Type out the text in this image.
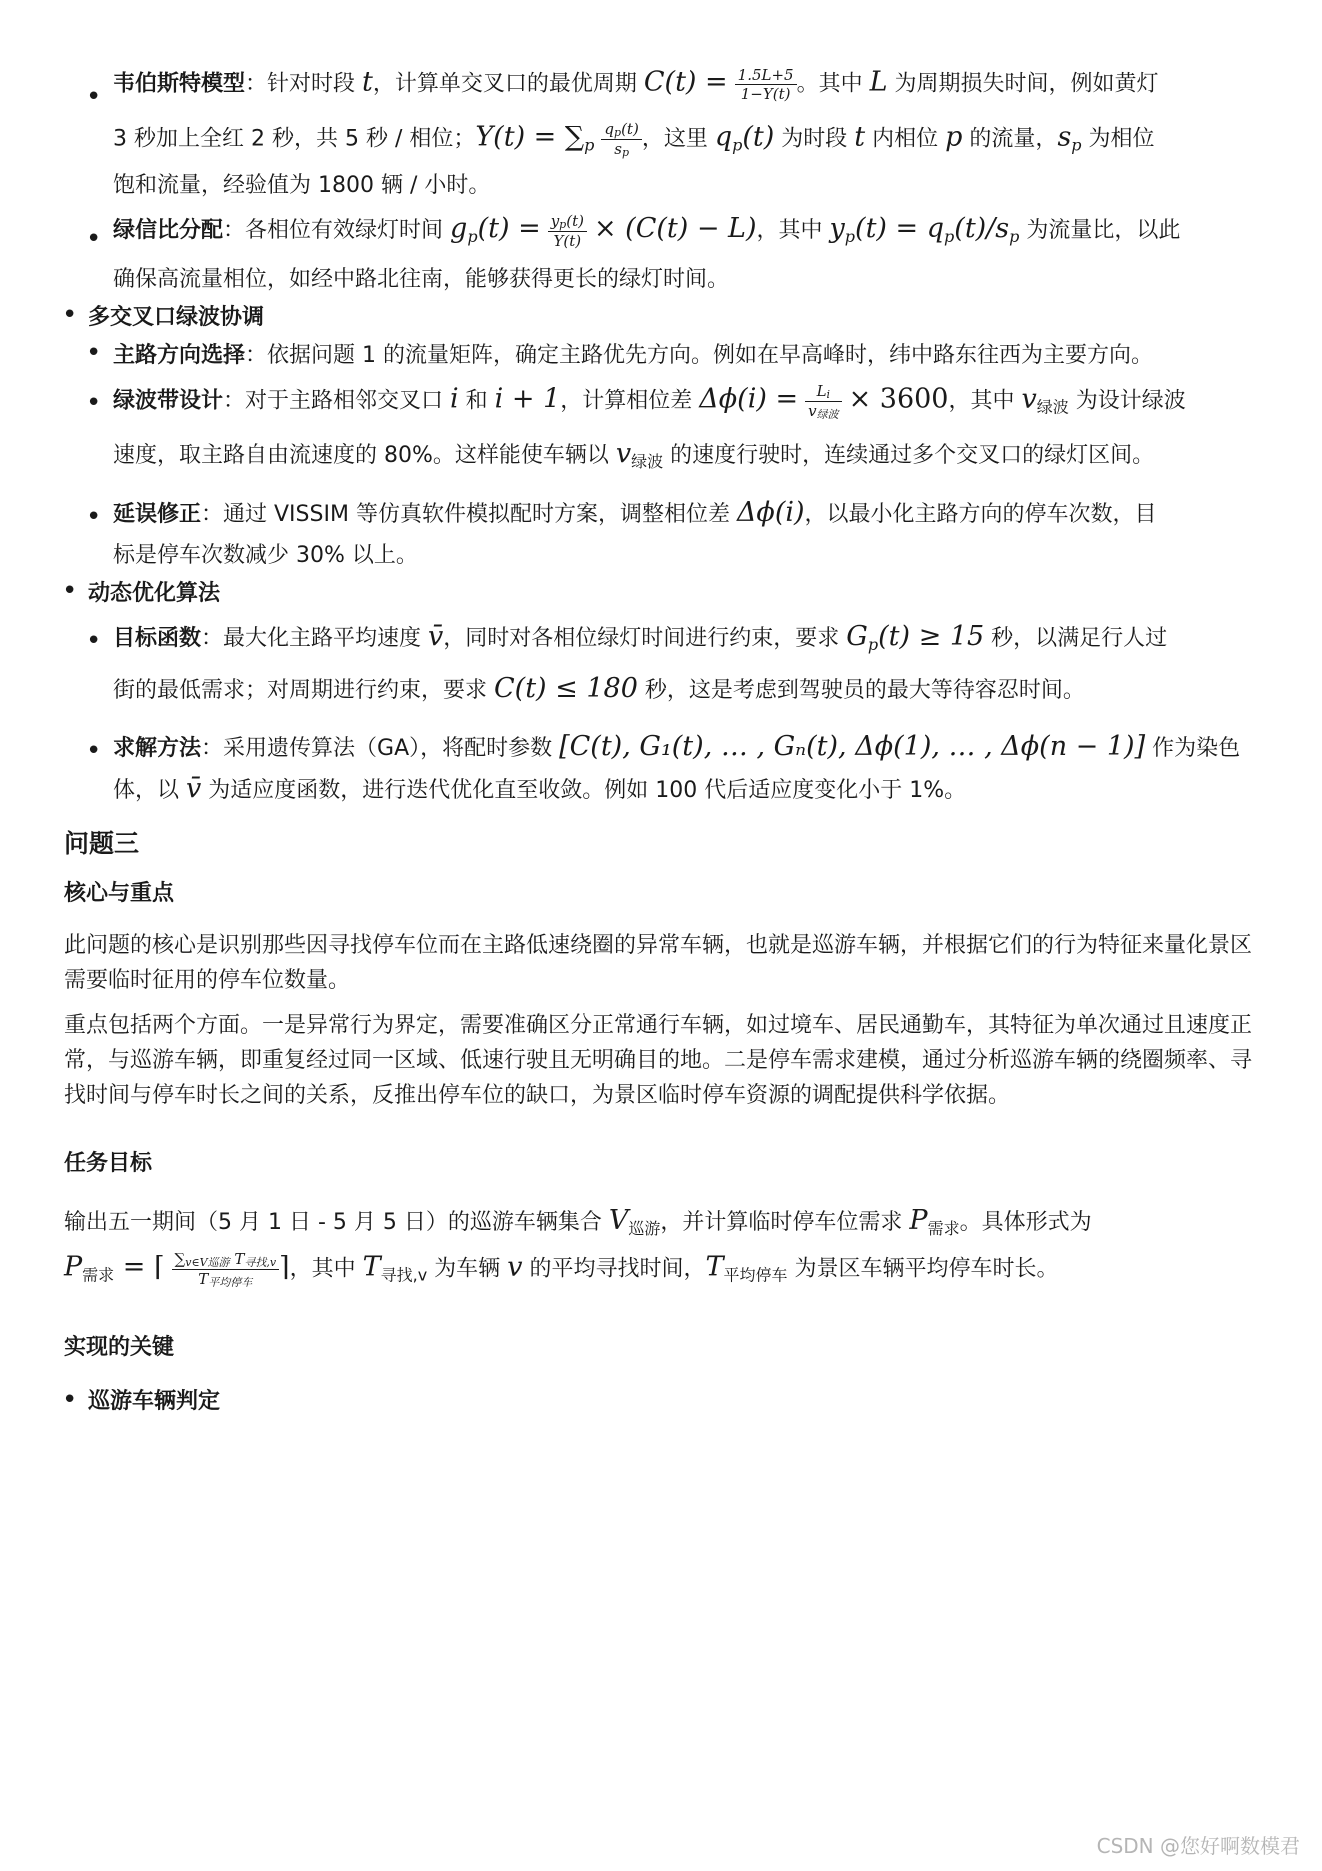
• 韦伯斯特模型：针对时段 t，计算单交叉口的最优周期 $C(t) = \frac{1.5L+5}{1-Y(t)}$ 。其中 L 为周期损失时间，例如黄灯
3 秒加上全红 2 秒，共 5 秒 / 相位；$Y(t) = \sum_p \frac{q_p(t)}{s_p}$ ，这里 $q_p(t)$ 为时段 t 内相位 p 的流量，$s_p$ 为相位
饱和流量，经验值为 1800 辆 / 小时。
• 绿信比分配：各相位有效绿灯时间 $g_p(t) = \frac{y_p(t)}{Y(t)} \times (C(t) - L)$，其中 $y_p(t) = q_p(t)/s_p$ 为流量比，以此
确保高流量相位，如经中路北往南，能够获得更长的绿灯时间。
• 多交叉口绿波协调
• 主路方向选择：依据问题 1 的流量矩阵，确定主路优先方向。例如在早高峰时，纬中路东往西为主要方向。
• 绿波带设计：对于主路相邻交叉口 i 和 i + 1，计算相位差 $\Delta\phi(i) = \frac{L_i}{v_{绿波}} \times 3600$，其中 $v_{绿波}$ 为设计绿波
速度，取主路自由流速度的 80%。这样能使车辆以 $v_{绿波}$ 的速度行驶时，连续通过多个交叉口的绿灯区间。
• 延误修正：通过 VISSIM 等仿真软件模拟配时方案，调整相位差 Δϕ(i)，以最小化主路方向的停车次数，目
标是停车次数减少 30% 以上。
• 动态优化算法
• 目标函数：最大化主路平均速度 v̄，同时对各相位绿灯时间进行约束，要求 $G_p(t) \ge 15$ 秒，以满足行人过
街的最低需求；对周期进行约束，要求 C(t) ≤ 180 秒，这是考虑到驾驶员的最大等待容忍时间。
• 求解方法：采用遗传算法（GA），将配时参数 [C(t), G₁(t), … , Gₙ(t), Δϕ(1), … , Δϕ(n − 1)] 作为染色
体，以 v̄ 为适应度函数，进行迭代优化直至收敛。例如 100 代后适应度变化小于 1%。
问题三
核心与重点
此问题的核心是识别那些因寻找停车位而在主路低速绕圈的异常车辆，也就是巡游车辆，并根据它们的行为特征来量化景区需要临时征用的停车位数量。
重点包括两个方面。一是异常行为界定，需要准确区分正常通行车辆，如过境车、居民通勤车，其特征为单次通过且速度正常，与巡游车辆，即重复经过同一区域、低速行驶且无明确目的地。二是停车需求建模，通过分析巡游车辆的绕圈频率、寻找时间与停车时长之间的关系，反推出停车位的缺口，为景区临时停车资源的调配提供科学依据。
任务目标
输出五一期间（5 月 1 日 - 5 月 5 日）的巡游车辆集合 $V_{巡游}$，并计算临时停车位需求 $P_{需求}$。具体形式为
$P_{需求}$ = ⌈ $\frac{\sum_{v\in V巡游} T_{寻找,v}}{T_{平均停车}}$ ⌉，其中 $T_{寻找,v}$ 为车辆 v 的平均寻找时间，$T_{平均停车}$ 为景区车辆平均停车时长。
实现的关键
• 巡游车辆判定
CSDN @您好啊数模君
